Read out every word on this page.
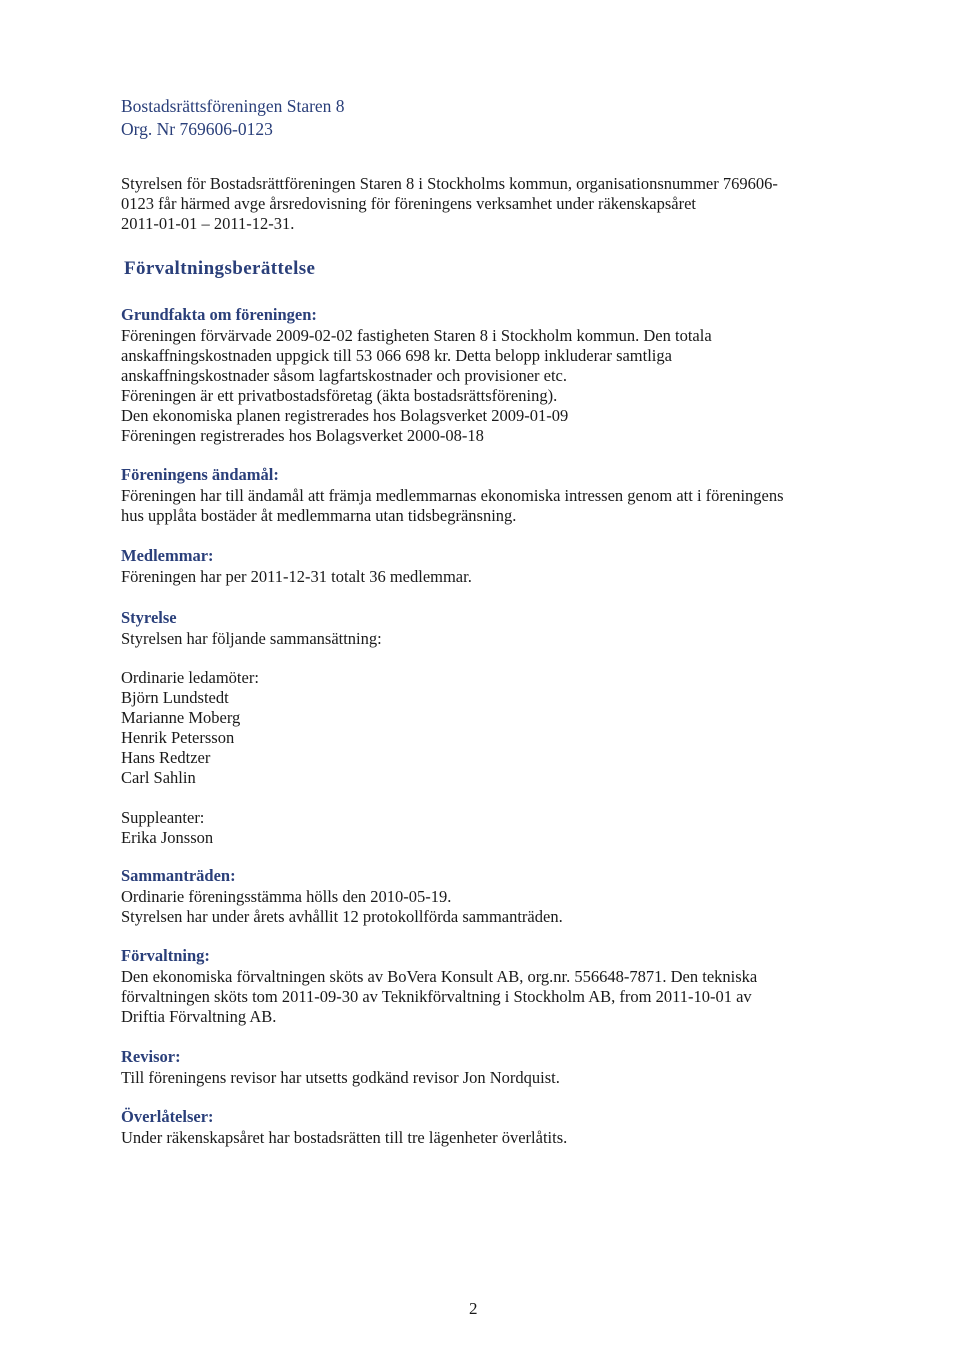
Bostadsrättsföreningen Staren 8

Org. Nr 769606-0123

Styrelsen för Bostadsrättföreningen Staren 8 i Stockholms kommun, organisationsnummer 769606-

0123 får härmed avge årsredovisning för föreningens verksamhet under räkenskapsåret

2011-01-01 – 2011-12-31.

Förvaltningsberättelse

Grundfakta om föreningen:

Föreningen förvärvade 2009-02-02 fastigheten Staren 8 i Stockholm kommun. Den totala

anskaffningskostnaden uppgick till 53 066 698 kr. Detta belopp inkluderar samtliga

anskaffningskostnader såsom lagfartskostnader och provisioner etc.

Föreningen är ett privatbostadsföretag (äkta bostadsrättsförening).

Den ekonomiska planen registrerades hos Bolagsverket 2009-01-09

Föreningen registrerades hos Bolagsverket 2000-08-18

Föreningens ändamål:

Föreningen har till ändamål att främja medlemmarnas ekonomiska intressen genom att i föreningens

hus upplåta bostäder åt medlemmarna utan tidsbegränsning.

Medlemmar:

Föreningen har per 2011-12-31 totalt 36 medlemmar.

Styrelse

Styrelsen har följande sammansättning:

Ordinarie ledamöter:

Björn Lundstedt

Marianne Moberg

Henrik Petersson

Hans Redtzer

Carl Sahlin

Suppleanter:

Erika Jonsson

Sammanträden:

Ordinarie föreningsstämma hölls den 2010-05-19.

Styrelsen har under årets avhållit 12 protokollförda sammanträden.

Förvaltning:

Den ekonomiska förvaltningen sköts av BoVera Konsult AB, org.nr. 556648-7871. Den tekniska

förvaltningen sköts tom 2011-09-30 av Teknikförvaltning i Stockholm AB, from 2011-10-01 av

Driftia Förvaltning AB.

Revisor:

Till föreningens revisor har utsetts godkänd revisor Jon Nordquist.

Överlåtelser:

Under räkenskapsåret har bostadsrätten till tre lägenheter överlåtits.

2
